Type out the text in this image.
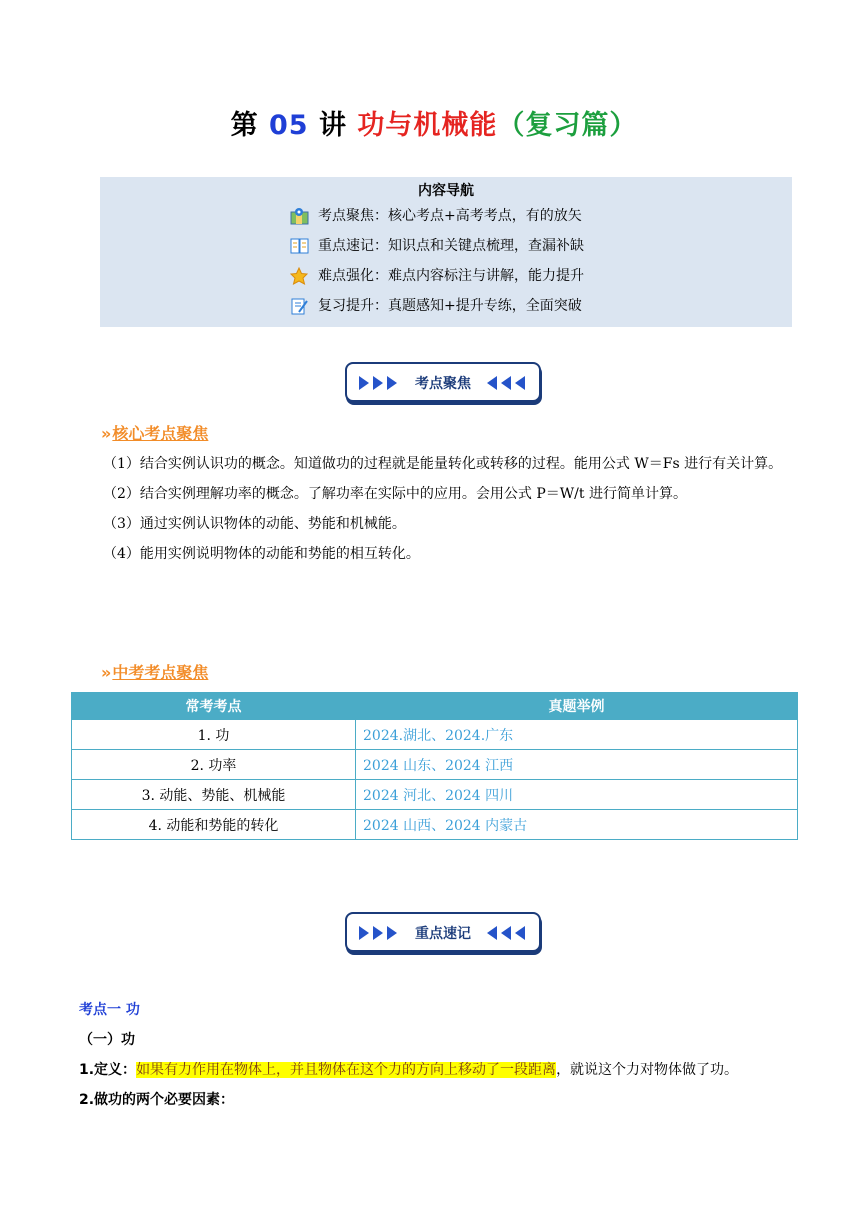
第 05 讲 功与机械能（复习篇）
内容导航
考点聚焦：核心考点+高考考点，有的放矢
重点速记：知识点和关键点梳理，查漏补缺
难点强化：难点内容标注与讲解，能力提升
复习提升：真题感知+提升专练，全面突破
考点聚焦
»核心考点聚焦

（1）结合实例认识功的概念。知道做功的过程就是能量转化或转移的过程。能用公式 W＝Fs 进行有关计算。

（2）结合实例理解功率的概念。了解功率在实际中的应用。会用公式 P＝W/t 进行简单计算。

（3）通过实例认识物体的动能、势能和机械能。

（4）能用实例说明物体的动能和势能的相互转化。

»中考考点聚焦
常考考点	真题举例
1. 功	2024.湖北、2024.广东
2. 功率	2024 山东、2024 江西
3. 动能、势能、机械能	2024 河北、2024 四川
4. 动能和势能的转化	2024 山西、2024 内蒙古
重点速记
考点一 功
（一）功
1.定义：如果有力作用在物体上，并且物体在这个力的方向上移动了一段距离，就说这个力对物体做了功。
2.做功的两个必要因素：
